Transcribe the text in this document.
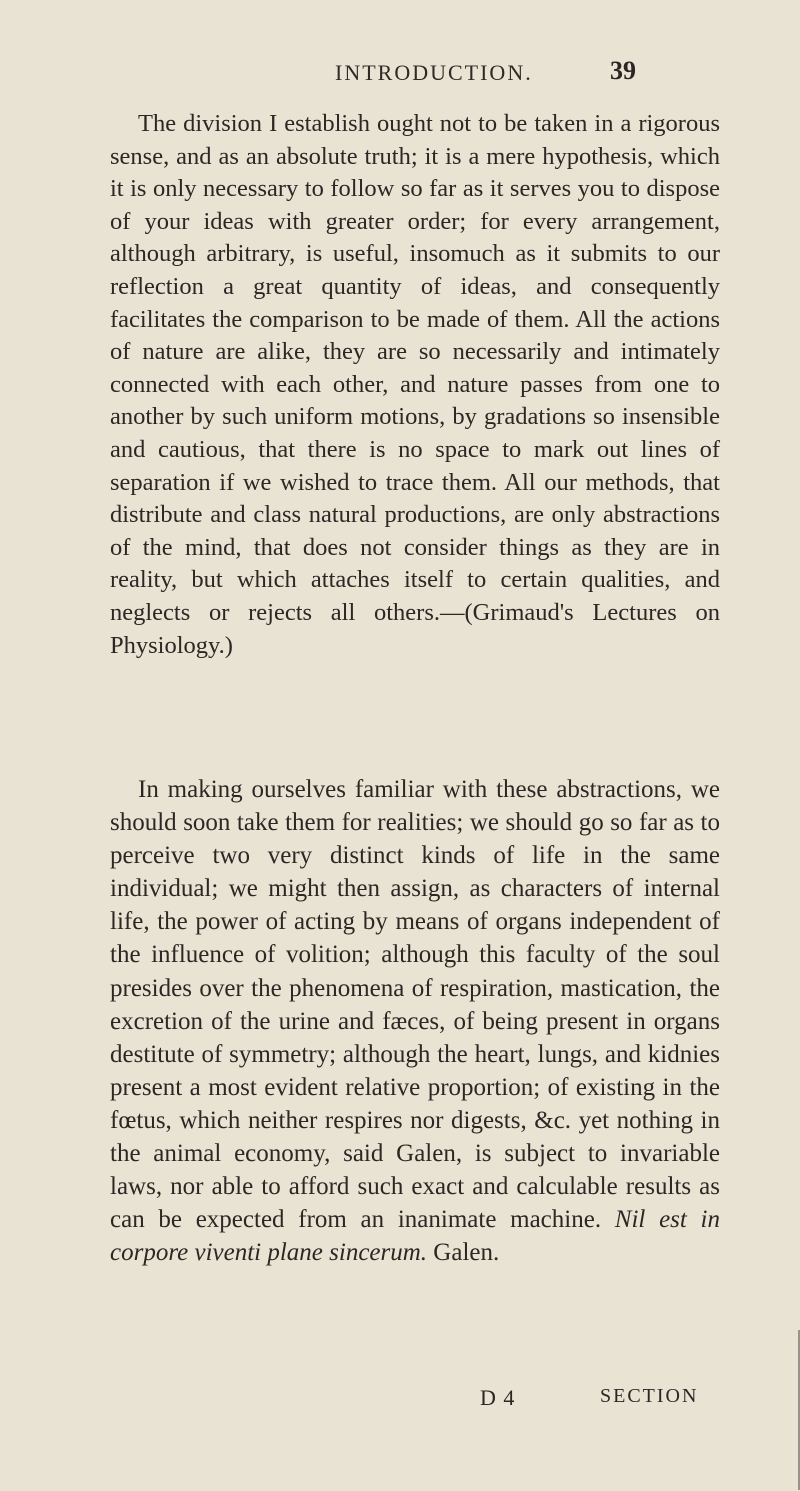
INTRODUCTION.	39

The division I establish ought not to be taken in a rigorous sense, and as an absolute truth; it is a mere hypothesis, which it is only necessary to follow so far as it serves you to dispose of your ideas with greater order; for every arrangement, although arbitrary, is useful, insomuch as it submits to our reflection a great quantity of ideas, and consequently facilitates the comparison to be made of them. All the actions of nature are alike, they are so necessarily and intimately connected with each other, and nature passes from one to another by such uniform motions, by gradations so insensible and cautious, that there is no space to mark out lines of separation if we wished to trace them. All our methods, that distribute and class natural productions, are only abstractions of the mind, that does not consider things as they are in reality, but which attaches itself to certain qualities, and neglects or rejects all others.—(Grimaud's Lectures on Physiology.)

In making ourselves familiar with these abstractions, we should soon take them for realities; we should go so far as to perceive two very distinct kinds of life in the same individual; we might then assign, as characters of internal life, the power of acting by means of organs independent of the influence of volition; although this faculty of the soul presides over the phenomena of respiration, mastication, the excretion of the urine and fæces, of being present in organs destitute of symmetry; although the heart, lungs, and kidnies present a most evident relative proportion; of existing in the fœtus, which neither respires nor digests, &c. yet nothing in the animal economy, said Galen, is subject to invariable laws, nor able to afford such exact and calculable results as can be expected from an inanimate machine. Nil est in corpore viventi plane sincerum. Galen.

D 4	SECTION
